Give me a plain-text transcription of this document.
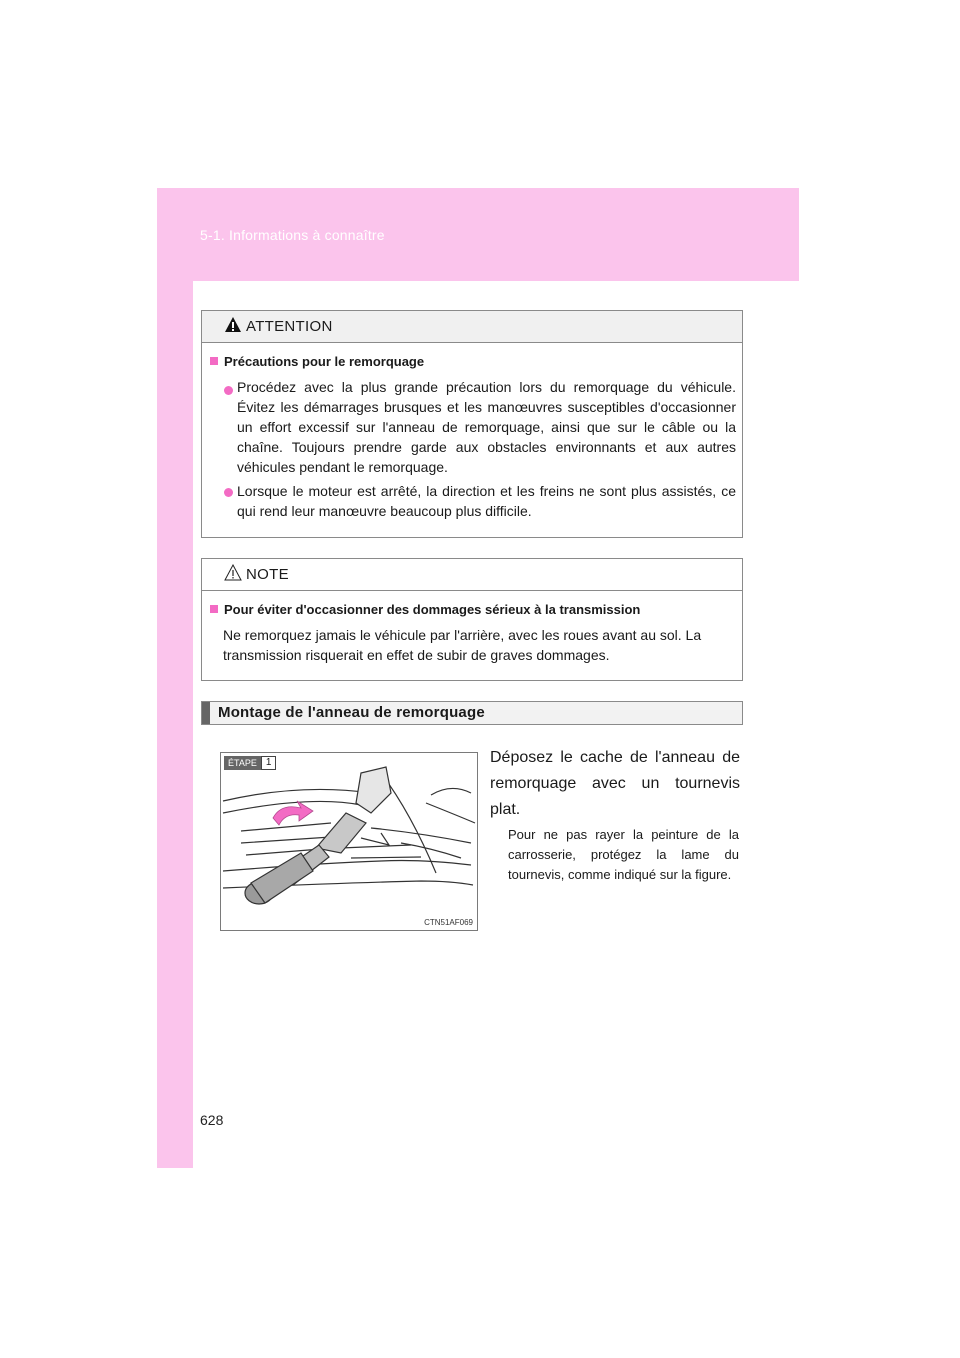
5-1. Informations à connaître
ATTENTION
Précautions pour le remorquage
Procédez avec la plus grande précaution lors du remorquage du véhicule. Évitez les démarrages brusques et les manœuvres susceptibles d'occasionner un effort excessif sur l'anneau de remorquage, ainsi que sur le câble ou la chaîne. Toujours prendre garde aux obstacles environnants et aux autres véhicules pendant le remorquage.
Lorsque le moteur est arrêté, la direction et les freins ne sont plus assistés, ce qui rend leur manœuvre beaucoup plus difficile.
NOTE
Pour éviter d'occasionner des dommages sérieux à la transmission
Ne remorquez jamais le véhicule par l'arrière, avec les roues avant au sol. La transmission risquerait en effet de subir de graves dommages.
Montage de l'anneau de remorquage
ÉTAPE 1
CTN51AF069
Déposez le cache de l'anneau de remorquage avec un tournevis plat.
Pour ne pas rayer la peinture de la carrosserie, protégez la lame du tournevis, comme indiqué sur la figure.
628
